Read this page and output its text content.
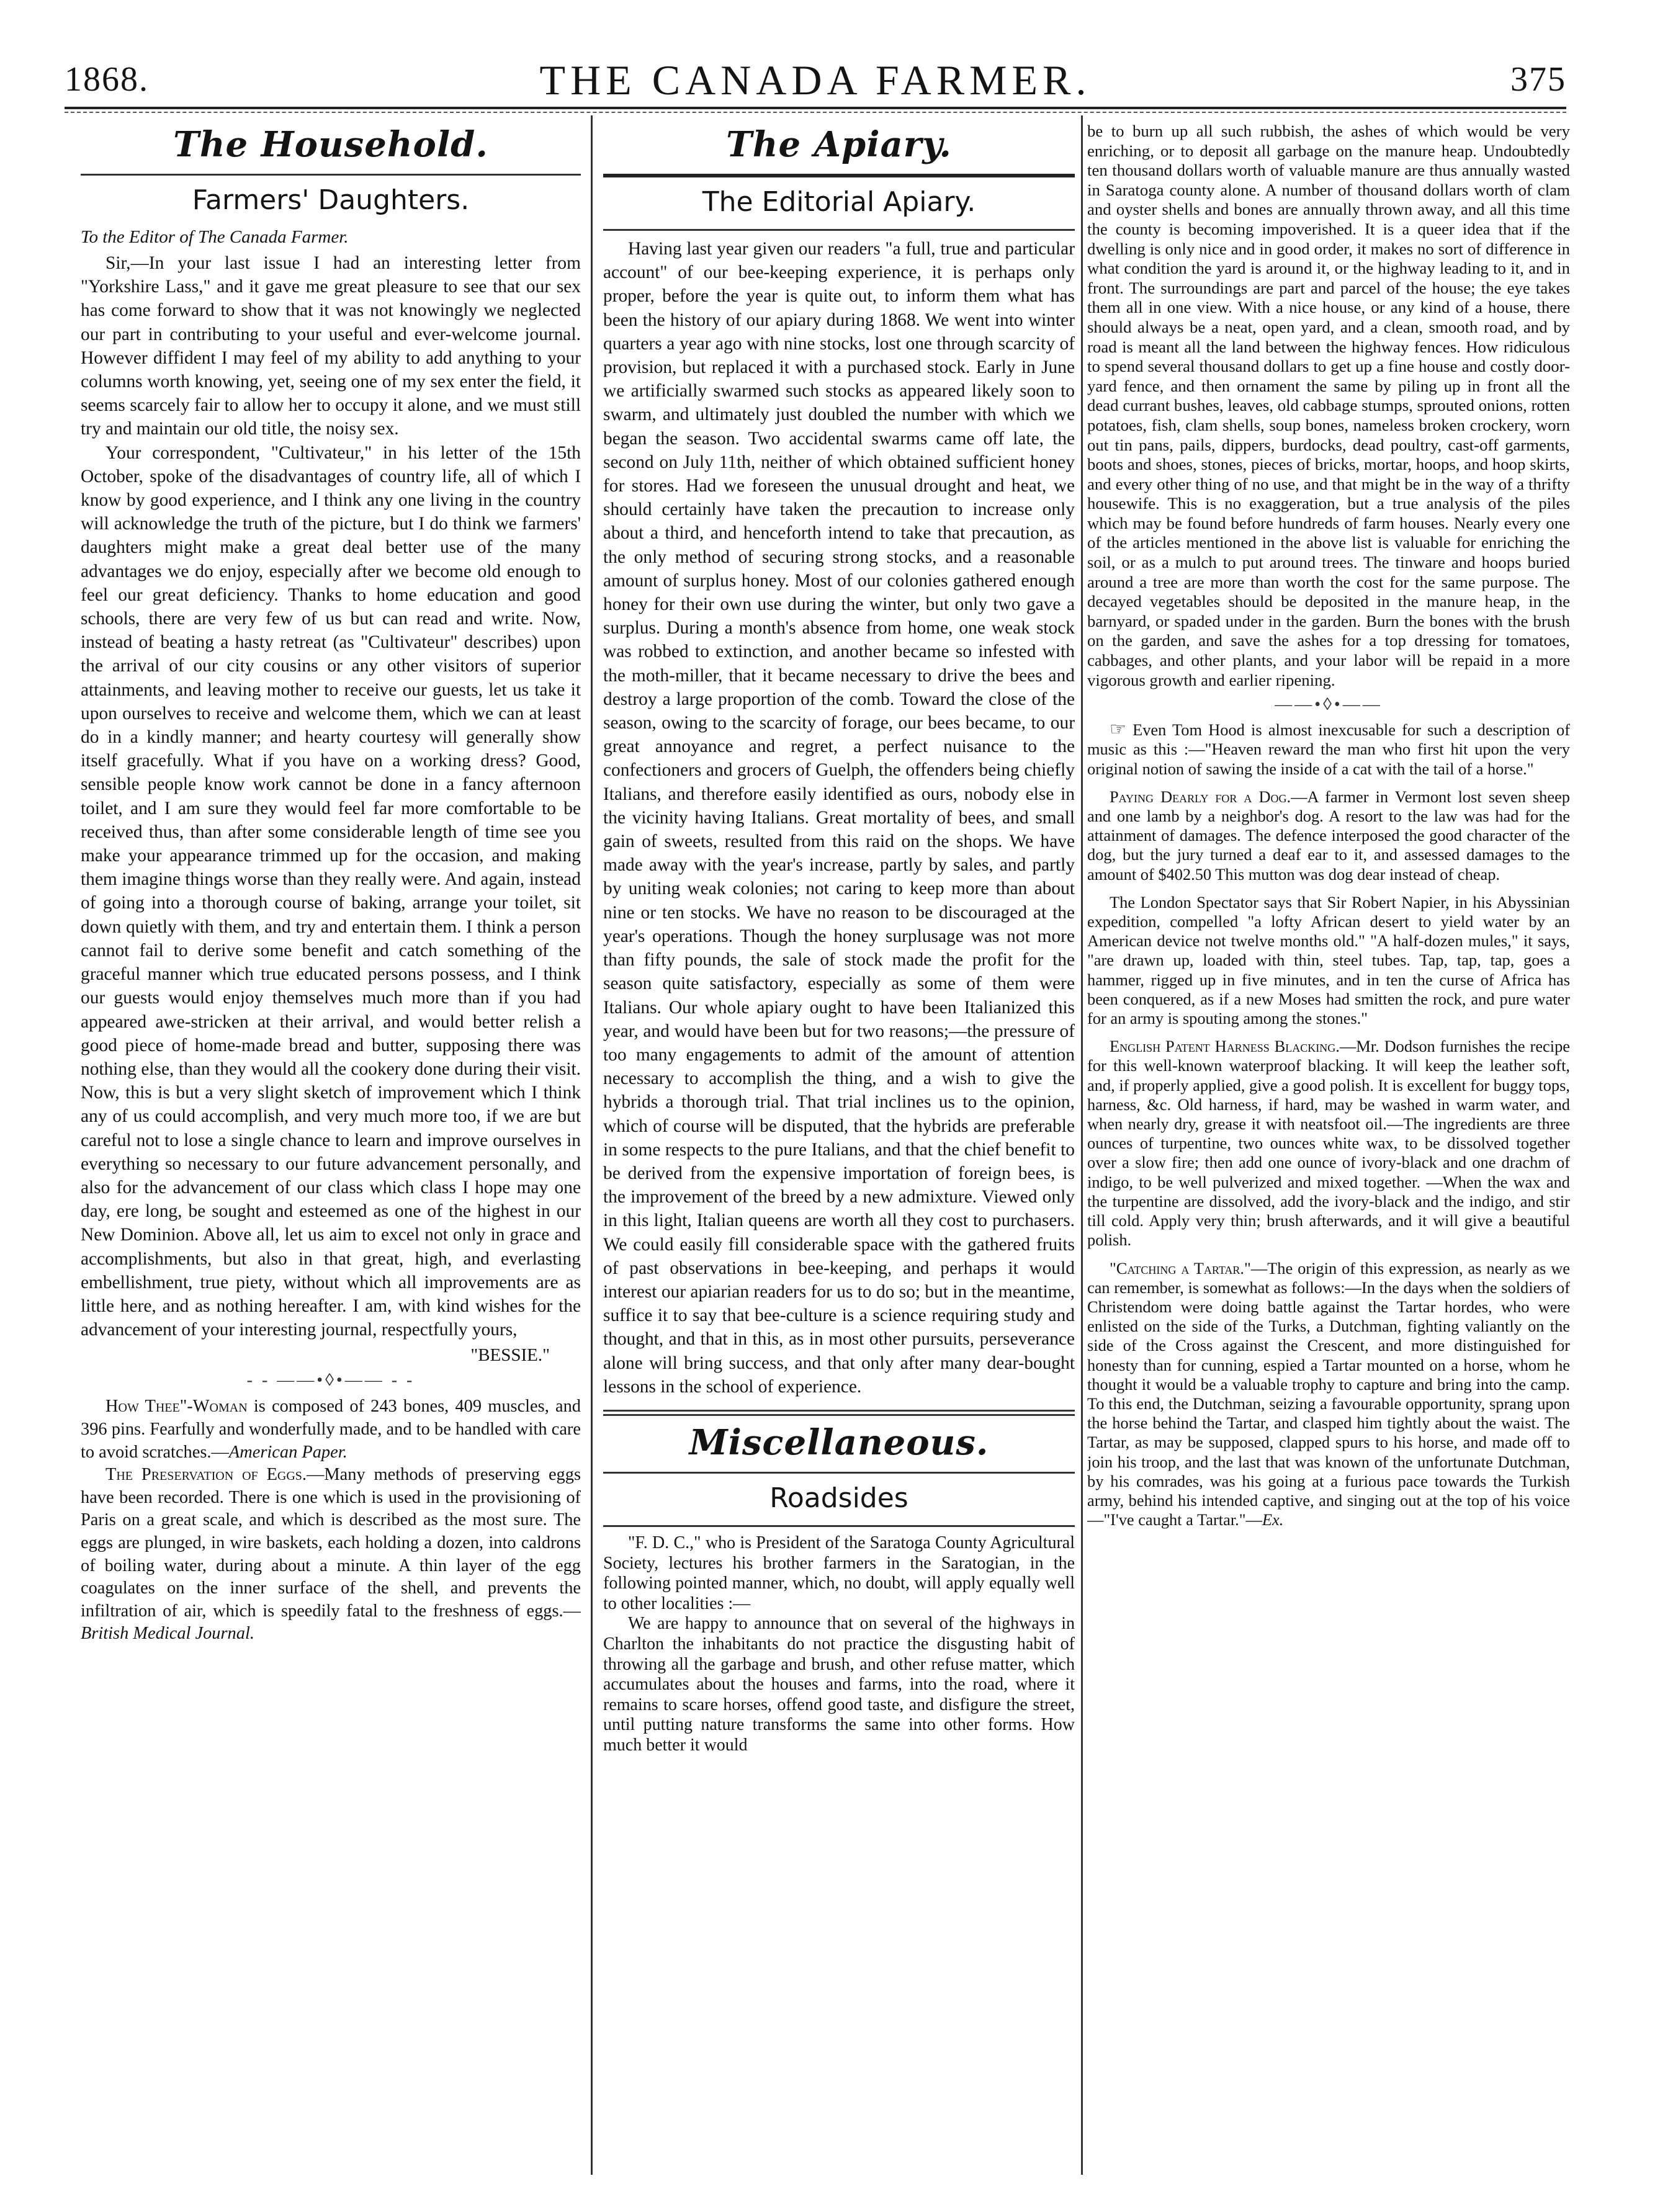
1868.	THE CANADA FARMER.	375
The Household.
Farmers' Daughters.
To the Editor of The Canada Farmer.

Sir,—In your last issue I had an interesting letter from "Yorkshire Lass," and it gave me great pleasure to see that our sex has come forward to show that it was not knowingly we neglected our part in contributing to your useful and ever-welcome journal. However diffident I may feel of my ability to add anything to your columns worth knowing, yet, seeing one of my sex enter the field, it seems scarcely fair to allow her to occupy it alone, and we must still try and maintain our old title, the noisy sex.

Your correspondent, "Cultivateur," in his letter of the 15th October, spoke of the disadvantages of country life, all of which I know by good experience, and I think any one living in the country will acknowledge the truth of the picture, but I do think we farmers' daughters might make a great deal better use of the many advantages we do enjoy, especially after we become old enough to feel our great deficiency. Thanks to home education and good schools, there are very few of us but can read and write. Now, instead of beating a hasty retreat (as "Cultivateur" describes) upon the arrival of our city cousins or any other visitors of superior attainments, and leaving mother to receive our guests, let us take it upon ourselves to receive and welcome them, which we can at least do in a kindly manner; and hearty courtesy will generally show itself gracefully. What if you have on a working dress? Good, sensible people know work cannot be done in a fancy afternoon toilet, and I am sure they would feel far more comfortable to be received thus, than after some considerable length of time see you make your appearance trimmed up for the occasion, and making them imagine things worse than they really were. And again, instead of going into a thorough course of baking, arrange your toilet, sit down quietly with them, and try and entertain them. I think a person cannot fail to derive some benefit and catch something of the graceful manner which true educated persons possess, and I think our guests would enjoy themselves much more than if you had appeared awe-stricken at their arrival, and would better relish a good piece of home-made bread and butter, supposing there was nothing else, than they would all the cookery done during their visit. Now, this is but a very slight sketch of improvement which I think any of us could accomplish, and very much more too, if we are but careful not to lose a single chance to learn and improve ourselves in everything so necessary to our future advancement personally, and also for the advancement of our class which class I hope may one day, ere long, be sought and esteemed as one of the highest in our New Dominion. Above all, let us aim to excel not only in grace and accomplishments, but also in that great, high, and everlasting embellishment, true piety, without which all improvements are as little here, and as nothing hereafter. I am, with kind wishes for the advancement of your interesting journal, respectfully yours,

"BESSIE."
- - ——•◊•—— - -

How Thee"-Woman is composed of 243 bones, 409 muscles, and 396 pins. Fearfully and wonderfully made, and to be handled with care to avoid scratches.—American Paper.

The Preservation of Eggs.—Many methods of preserving eggs have been recorded. There is one which is used in the provisioning of Paris on a great scale, and which is described as the most sure. The eggs are plunged, in wire baskets, each holding a dozen, into caldrons of boiling water, during about a minute. A thin layer of the egg coagulates on the inner surface of the shell, and prevents the infiltration of air, which is speedily fatal to the freshness of eggs.—British Medical Journal.

The Apiary.
The Editorial Apiary.

Having last year given our readers "a full, true and particular account" of our bee-keeping experience, it is perhaps only proper, before the year is quite out, to inform them what has been the history of our apiary during 1868. We went into winter quarters a year ago with nine stocks, lost one through scarcity of provision, but replaced it with a purchased stock. Early in June we artificially swarmed such stocks as appeared likely soon to swarm, and ultimately just doubled the number with which we began the season. Two accidental swarms came off late, the second on July 11th, neither of which obtained sufficient honey for stores. Had we foreseen the unusual drought and heat, we should certainly have taken the precaution to increase only about a third, and henceforth intend to take that precaution, as the only method of securing strong stocks, and a reasonable amount of surplus honey. Most of our colonies gathered enough honey for their own use during the winter, but only two gave a surplus. During a month's absence from home, one weak stock was robbed to extinction, and another became so infested with the moth-miller, that it became necessary to drive the bees and destroy a large proportion of the comb. Toward the close of the season, owing to the scarcity of forage, our bees became, to our great annoyance and regret, a perfect nuisance to the confectioners and grocers of Guelph, the offenders being chiefly Italians, and therefore easily identified as ours, nobody else in the vicinity having Italians. Great mortality of bees, and small gain of sweets, resulted from this raid on the shops. We have made away with the year's increase, partly by sales, and partly by uniting weak colonies; not caring to keep more than about nine or ten stocks. We have no reason to be discouraged at the year's operations. Though the honey surplusage was not more than fifty pounds, the sale of stock made the profit for the season quite satisfactory, especially as some of them were Italians. Our whole apiary ought to have been Italianized this year, and would have been but for two reasons;—the pressure of too many engagements to admit of the amount of attention necessary to accomplish the thing, and a wish to give the hybrids a thorough trial. That trial inclines us to the opinion, which of course will be disputed, that the hybrids are preferable in some respects to the pure Italians, and that the chief benefit to be derived from the expensive importation of foreign bees, is the improvement of the breed by a new admixture. Viewed only in this light, Italian queens are worth all they cost to purchasers. We could easily fill considerable space with the gathered fruits of past observations in bee-keeping, and perhaps it would interest our apiarian readers for us to do so; but in the meantime, suffice it to say that bee-culture is a science requiring study and thought, and that in this, as in most other pursuits, perseverance alone will bring success, and that only after many dear-bought lessons in the school of experience.

Miscellaneous.
Roadsides

"F. D. C.," who is President of the Saratoga County Agricultural Society, lectures his brother farmers in the Saratogian, in the following pointed manner, which, no doubt, will apply equally well to other localities :—

We are happy to announce that on several of the highways in Charlton the inhabitants do not practice the disgusting habit of throwing all the garbage and brush, and other refuse matter, which accumulates about the houses and farms, into the road, where it remains to scare horses, offend good taste, and disfigure the street, until putting nature transforms the same into other forms. How much better it would

be to burn up all such rubbish, the ashes of which would be very enriching, or to deposit all garbage on the manure heap. Undoubtedly ten thousand dollars worth of valuable manure are thus annually wasted in Saratoga county alone. A number of thousand dollars worth of clam and oyster shells and bones are annually thrown away, and all this time the county is becoming impoverished. It is a queer idea that if the dwelling is only nice and in good order, it makes no sort of difference in what condition the yard is around it, or the highway leading to it, and in front. The surroundings are part and parcel of the house; the eye takes them all in one view. With a nice house, or any kind of a house, there should always be a neat, open yard, and a clean, smooth road, and by road is meant all the land between the highway fences. How ridiculous to spend several thousand dollars to get up a fine house and costly door-yard fence, and then ornament the same by piling up in front all the dead currant bushes, leaves, old cabbage stumps, sprouted onions, rotten potatoes, fish, clam shells, soup bones, nameless broken crockery, worn out tin pans, pails, dippers, burdocks, dead poultry, cast-off garments, boots and shoes, stones, pieces of bricks, mortar, hoops, and hoop skirts, and every other thing of no use, and that might be in the way of a thrifty housewife. This is no exaggeration, but a true analysis of the piles which may be found before hundreds of farm houses. Nearly every one of the articles mentioned in the above list is valuable for enriching the soil, or as a mulch to put around trees. The tinware and hoops buried around a tree are more than worth the cost for the same purpose. The decayed vegetables should be deposited in the manure heap, in the barnyard, or spaded under in the garden. Burn the bones with the brush on the garden, and save the ashes for a top dressing for tomatoes, cabbages, and other plants, and your labor will be repaid in a more vigorous growth and earlier ripening.

——•◊•——

☞ Even Tom Hood is almost inexcusable for such a description of music as this :—"Heaven reward the man who first hit upon the very original notion of sawing the inside of a cat with the tail of a horse."

Paying Dearly for a Dog.—A farmer in Vermont lost seven sheep and one lamb by a neighbor's dog. A resort to the law was had for the attainment of damages. The defence interposed the good character of the dog, but the jury turned a deaf ear to it, and assessed damages to the amount of $402.50 This mutton was dog dear instead of cheap.

The London Spectator says that Sir Robert Napier, in his Abyssinian expedition, compelled "a lofty African desert to yield water by an American device not twelve months old." "A half-dozen mules," it says, "are drawn up, loaded with thin, steel tubes. Tap, tap, tap, goes a hammer, rigged up in five minutes, and in ten the curse of Africa has been conquered, as if a new Moses had smitten the rock, and pure water for an army is spouting among the stones."

English Patent Harness Blacking.—Mr. Dodson furnishes the recipe for this well-known waterproof blacking. It will keep the leather soft, and, if properly applied, give a good polish. It is excellent for buggy tops, harness, &c. Old harness, if hard, may be washed in warm water, and when nearly dry, grease it with neatsfoot oil.—The ingredients are three ounces of turpentine, two ounces white wax, to be dissolved together over a slow fire; then add one ounce of ivory-black and one drachm of indigo, to be well pulverized and mixed together. —When the wax and the turpentine are dissolved, add the ivory-black and the indigo, and stir till cold. Apply very thin; brush afterwards, and it will give a beautiful polish.

"Catching a Tartar."—The origin of this expression, as nearly as we can remember, is somewhat as follows:—In the days when the soldiers of Christendom were doing battle against the Tartar hordes, who were enlisted on the side of the Turks, a Dutchman, fighting valiantly on the side of the Cross against the Crescent, and more distinguished for honesty than for cunning, espied a Tartar mounted on a horse, whom he thought it would be a valuable trophy to capture and bring into the camp. To this end, the Dutchman, seizing a favourable opportunity, sprang upon the horse behind the Tartar, and clasped him tightly about the waist. The Tartar, as may be supposed, clapped spurs to his horse, and made off to join his troop, and the last that was known of the unfortunate Dutchman, by his comrades, was his going at a furious pace towards the Turkish army, behind his intended captive, and singing out at the top of his voice—"I've caught a Tartar."—Ex.
